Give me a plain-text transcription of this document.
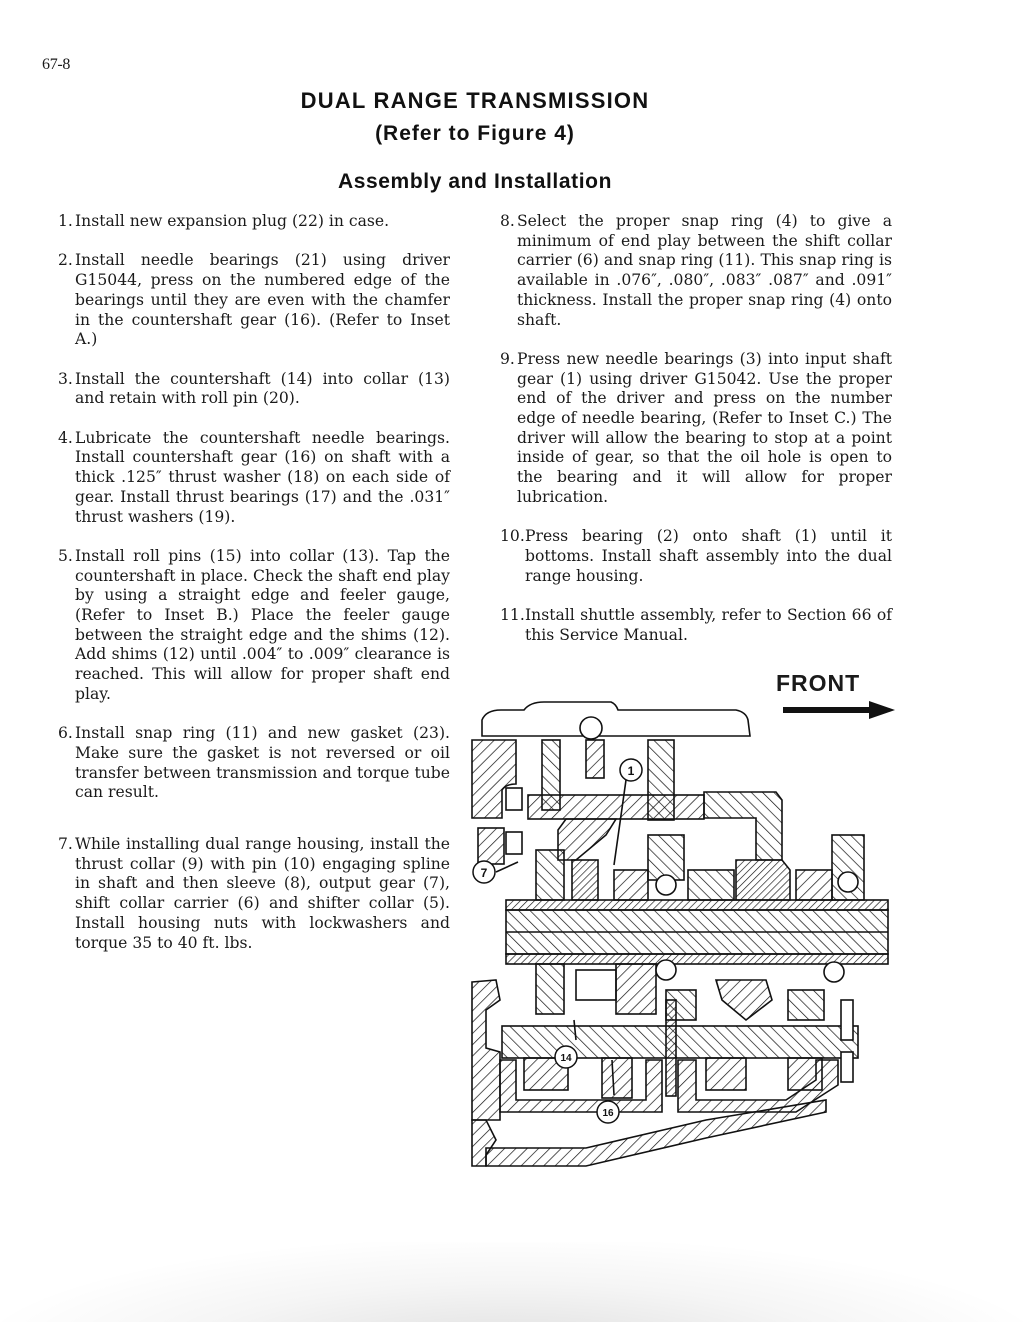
67-8
DUAL RANGE TRANSMISSION
(Refer to Figure 4)
Assembly and Installation
1. Install new expansion plug (22) in case.
2. Install needle bearings (21) using driver G15044, press on the numbered edge of the bearings until they are even with the chamfer in the countershaft gear (16). (Refer to Inset A.)
3. Install the countershaft (14) into collar (13) and retain with roll pin (20).
4. Lubricate the countershaft needle bearings. Install countershaft gear (16) on shaft with a thick .125″ thrust washer (18) on each side of gear. Install thrust bearings (17) and the .031″ thrust washers (19).
5. Install roll pins (15) into collar (13). Tap the countershaft in place. Check the shaft end play by using a straight edge and feeler gauge, (Refer to Inset B.) Place the feeler gauge between the straight edge and the shims (12). Add shims (12) until .004″ to .009″ clearance is reached. This will allow for proper shaft end play.
6. Install snap ring (11) and new gasket (23). Make sure the gasket is not reversed or oil transfer between transmission and torque tube can result.
7. While installing dual range housing, install the thrust collar (9) with pin (10) engaging spline in shaft and then sleeve (8), output gear (7), shift collar carrier (6) and shifter collar (5). Install housing nuts with lockwashers and torque 35 to 40 ft. lbs.
8. Select the proper snap ring (4) to give a minimum of end play between the shift collar carrier (6) and snap ring (11). This snap ring is available in .076″, .080″, .083″ .087″ and .091″ thickness. Install the proper snap ring (4) onto shaft.
9. Press new needle bearings (3) into input shaft gear (1) using driver G15042. Use the proper end of the driver and press on the number edge of needle bearing, (Refer to Inset C.) The driver will allow the bearing to stop at a point inside of gear, so that the oil hole is open to the bearing and it will allow for proper lubrication.
10. Press bearing (2) onto shaft (1) until it bottoms. Install shaft assembly into the dual range housing.
11. Install shuttle assembly, refer to Section 66 of this Service Manual.
FRONT
1
7
14
16
